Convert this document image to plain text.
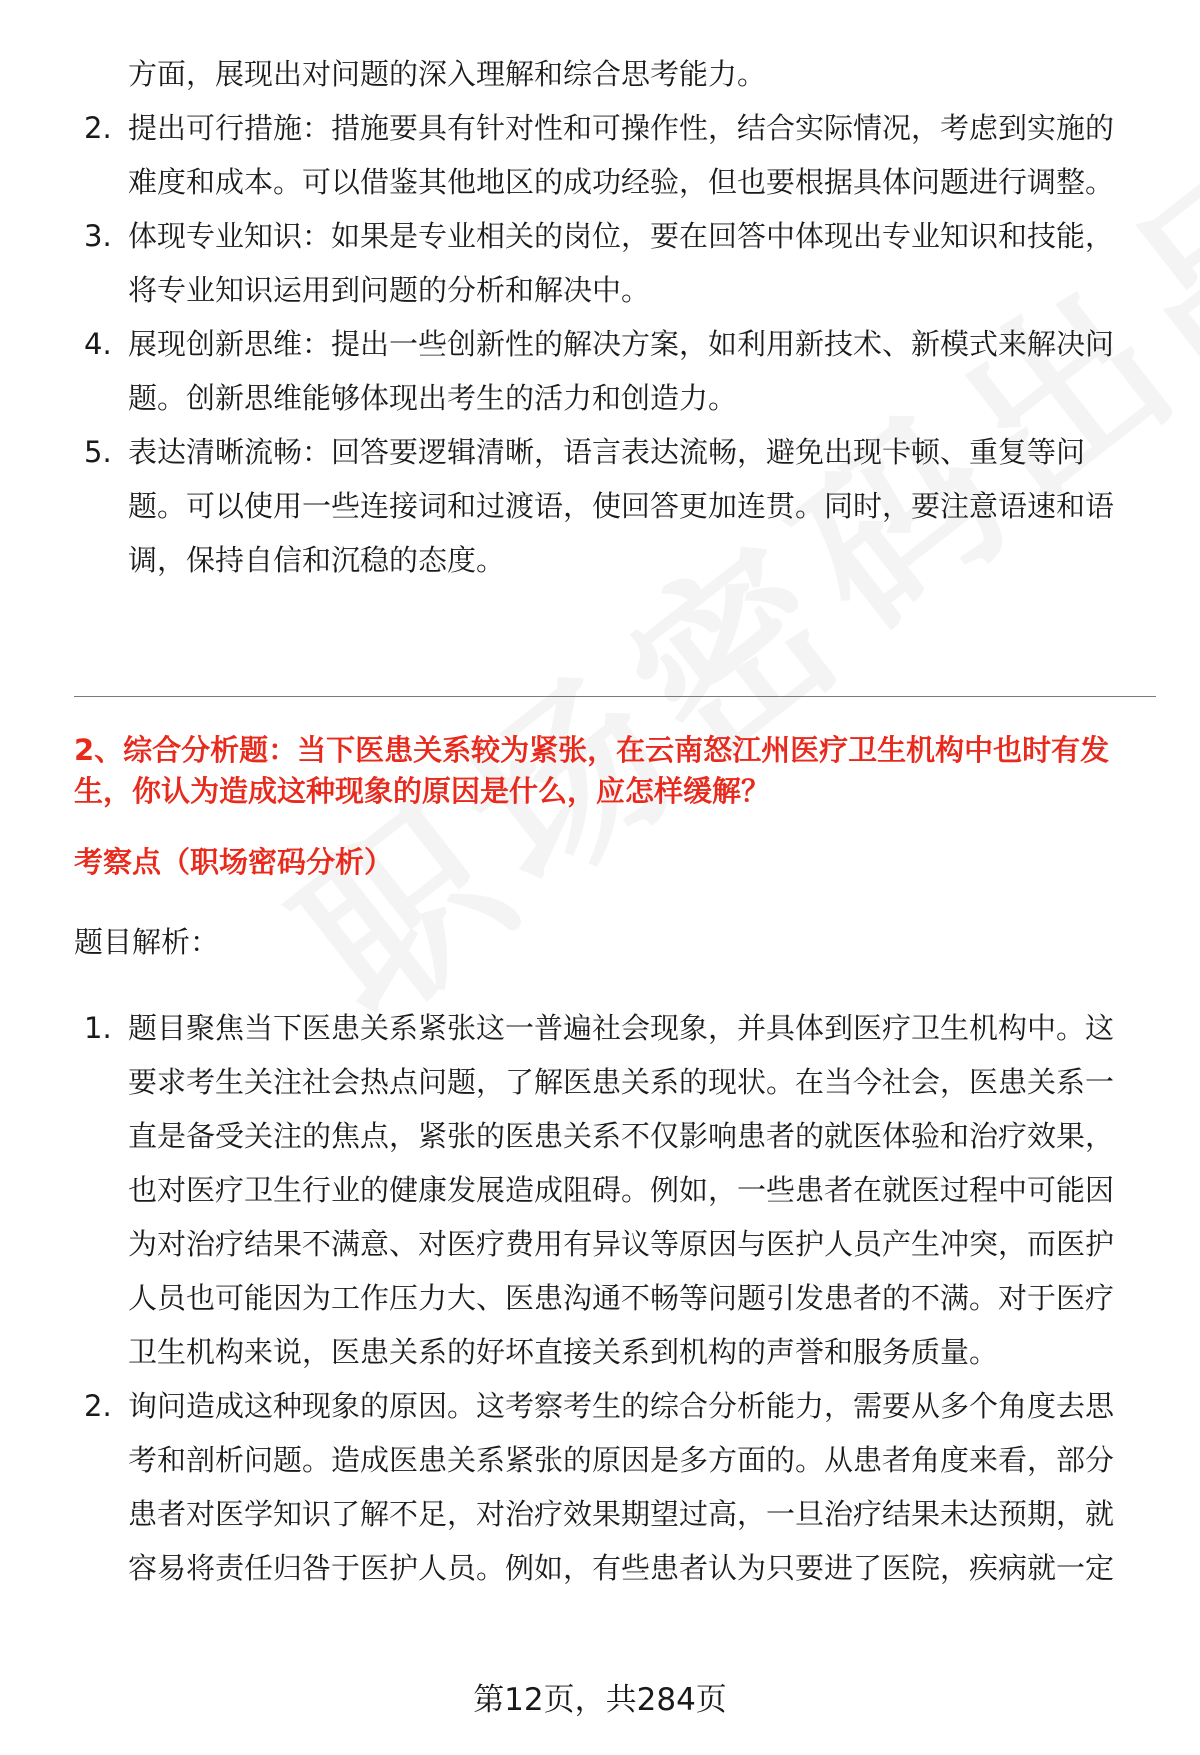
方面，展现出对问题的深入理解和综合思考能力。
2. 提出可行措施：措施要具有针对性和可操作性，结合实际情况，考虑到实施的
难度和成本。可以借鉴其他地区的成功经验，但也要根据具体问题进行调整。
3. 体现专业知识：如果是专业相关的岗位，要在回答中体现出专业知识和技能，
将专业知识运用到问题的分析和解决中。
4. 展现创新思维：提出一些创新性的解决方案，如利用新技术、新模式来解决问
题。创新思维能够体现出考生的活力和创造力。
5. 表达清晰流畅：回答要逻辑清晰，语言表达流畅，避免出现卡顿、重复等问
题。可以使用一些连接词和过渡语，使回答更加连贯。同时，要注意语速和语
调，保持自信和沉稳的态度。
2、综合分析题：当下医患关系较为紧张，在云南怒江州医疗卫生机构中也时有发
生，你认为造成这种现象的原因是什么，应怎样缓解？
考察点（职场密码分析）
题目解析：
1. 题目聚焦当下医患关系紧张这一普遍社会现象，并具体到医疗卫生机构中。这
要求考生关注社会热点问题，了解医患关系的现状。在当今社会，医患关系一
直是备受关注的焦点，紧张的医患关系不仅影响患者的就医体验和治疗效果，
也对医疗卫生行业的健康发展造成阻碍。例如，一些患者在就医过程中可能因
为对治疗结果不满意、对医疗费用有异议等原因与医护人员产生冲突，而医护
人员也可能因为工作压力大、医患沟通不畅等问题引发患者的不满。对于医疗
卫生机构来说，医患关系的好坏直接关系到机构的声誉和服务质量。
2. 询问造成这种现象的原因。这考察考生的综合分析能力，需要从多个角度去思
考和剖析问题。造成医患关系紧张的原因是多方面的。从患者角度来看，部分
患者对医学知识了解不足，对治疗效果期望过高，一旦治疗结果未达预期，就
容易将责任归咎于医护人员。例如，有些患者认为只要进了医院，疾病就一定
第12页，共284页
